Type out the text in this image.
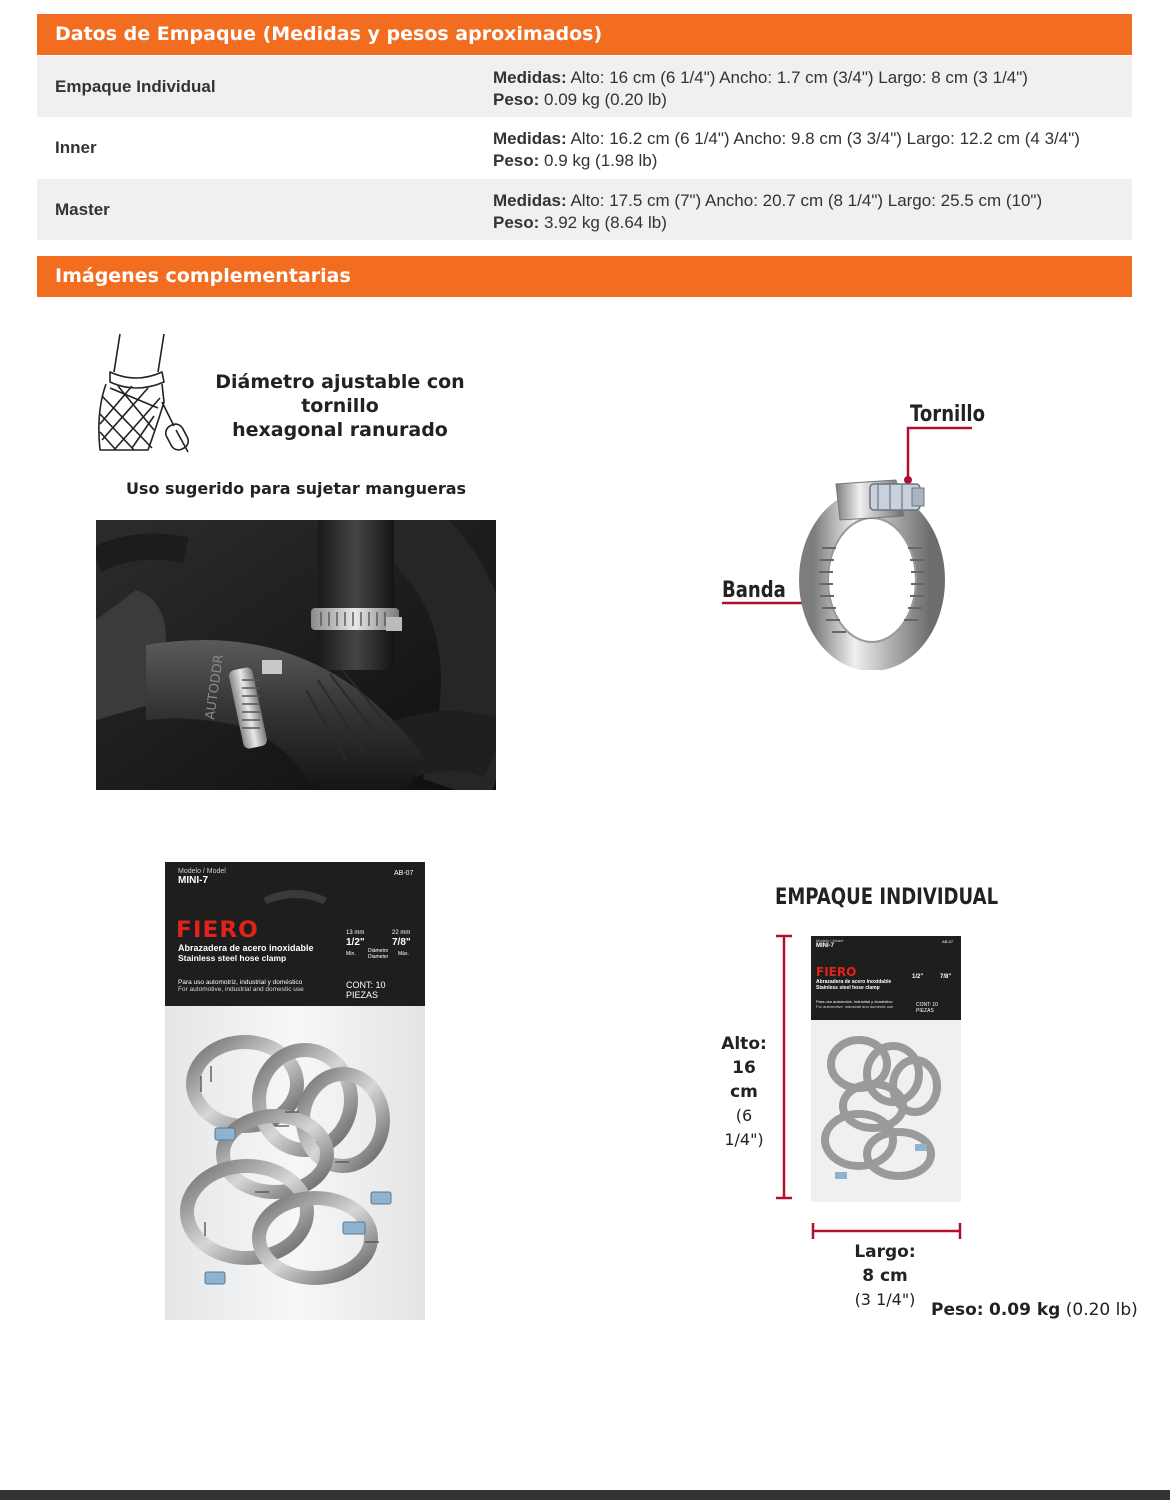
Datos de Empaque (Medidas y pesos aproximados)
Empaque Individual	Medidas: Alto: 16 cm (6 1/4") Ancho: 1.7 cm (3/4") Largo: 8 cm (3 1/4")
Peso: 0.09 kg (0.20 lb)
Inner	Medidas: Alto: 16.2 cm (6 1/4") Ancho: 9.8 cm (3 3/4") Largo: 12.2 cm (4 3/4") Peso: 0.9 kg (1.98 lb)
Master	Medidas: Alto: 17.5 cm (7") Ancho: 20.7 cm (8 1/4") Largo: 25.5 cm (10")
Peso: 3.92 kg (8.64 lb)
Imágenes complementarias
Diámetro ajustable con tornillo
hexagonal ranurado
Uso sugerido para sujetar mangueras
AUTODDR
Tornillo
Banda
Modelo / Model
MINI-7
AB-07
FIERO
Abrazadera de acero inoxidable
Stainless steel hose clamp
13 mm
1/2"
22 mm
7/8"
Mín. Diámetro
Diameter Máx.
Para uso automotriz, industrial y doméstico
For automotive, industrial and domestic use	CONT: 10 PIEZAS
EMPAQUE INDIVIDUAL
Modelo / Model
MINI-7
AB-07
FIERO
Abrazadera de acero inoxidable
Stainless steel hose clamp
1/2"	7/8"
Para uso automotriz, industrial y doméstico
For automotive, industrial and domestic use	CONT: 10 PIEZAS
Alto:
16 cm
(6 1/4")
Largo:
8 cm
(3 1/4")
Peso: 0.09 kg (0.20 lb)
